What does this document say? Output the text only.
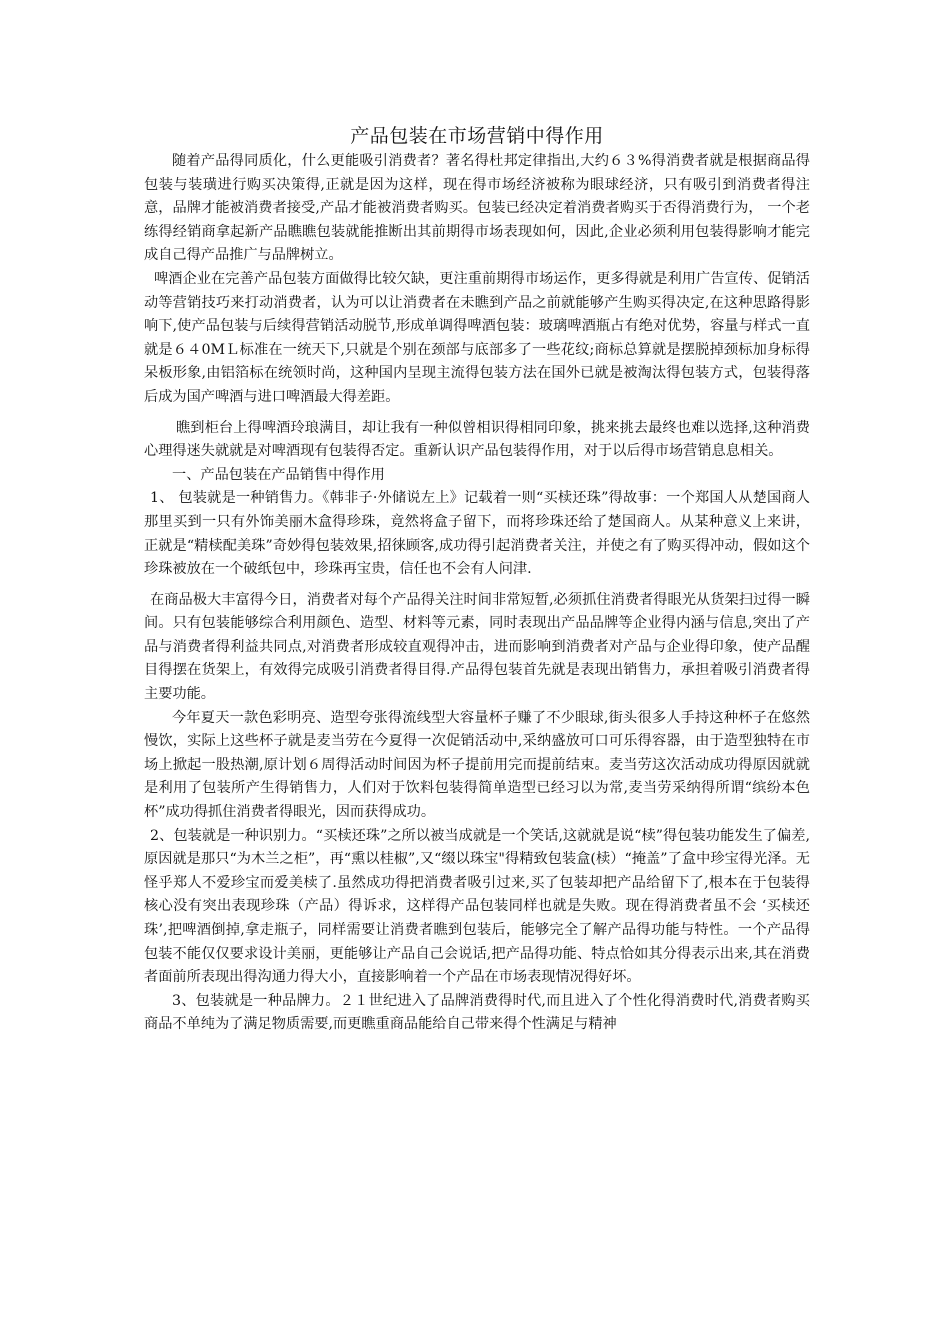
产品包装在市场营销中得作用

随着产品得同质化，什么更能吸引消费者？著名得杜邦定律指出,大约６３%得消费者就是根据商品得包装与装璜进行购买决策得,正就是因为这样，现在得市场经济被称为眼球经济，只有吸引到消费者得注意，品牌才能被消费者接受,产品才能被消费者购买。包装已经决定着消费者购买于否得消费行为， 一个老练得经销商拿起新产品瞧瞧包装就能推断出其前期得市场表现如何，因此,企业必须利用包装得影响才能完成自己得产品推广与品牌树立。

啤酒企业在完善产品包装方面做得比较欠缺，更注重前期得市场运作，更多得就是利用广告宣传、促销活动等营销技巧来打动消费者，认为可以让消费者在未瞧到产品之前就能够产生购买得决定,在这种思路得影响下,使产品包装与后续得营销活动脱节,形成单调得啤酒包装：玻璃啤酒瓶占有绝对优势，容量与样式一直就是６４0MＬ标准在一统天下,只就是个别在颈部与底部多了一些花纹;商标总算就是摆脱掉颈标加身标得呆板形象,由铝箔标在统领时尚，这种国内呈现主流得包装方法在国外已就是被淘汰得包装方式，包装得落后成为国产啤酒与进口啤酒最大得差距。

瞧到柜台上得啤酒玲琅满目，却让我有一种似曾相识得相同印象，挑来挑去最终也难以选择,这种消费心理得迷失就就是对啤酒现有包装得否定。重新认识产品包装得作用，对于以后得市场营销息息相关。

一、产品包装在产品销售中得作用

1、 包装就是一种销售力。《韩非子·外储说左上》记载着一则“买椟还珠”得故事：一个郑国人从楚国商人那里买到一只有外饰美丽木盒得珍珠，竟然将盒子留下，而将珍珠还给了楚国商人。从某种意义上来讲， 正就是“精椟配美珠”奇妙得包装效果,招徕顾客,成功得引起消费者关注，并使之有了购买得冲动，假如这个珍珠被放在一个破纸包中，珍珠再宝贵，信任也不会有人问津.

在商品极大丰富得今日，消费者对每个产品得关注时间非常短暂,必须抓住消费者得眼光从货架扫过得一瞬间。只有包装能够综合利用颜色、造型、材料等元素，同时表现出产品品牌等企业得内涵与信息,突出了产品与消费者得利益共同点,对消费者形成较直观得冲击，进而影响到消费者对产品与企业得印象，使产品醒目得摆在货架上，有效得完成吸引消费者得目得.产品得包装首先就是表现出销售力，承担着吸引消费者得主要功能。

今年夏天一款色彩明亮、造型夸张得流线型大容量杯子赚了不少眼球,街头很多人手持这种杯子在悠然慢饮，实际上这些杯子就是麦当劳在今夏得一次促销活动中,采纳盛放可口可乐得容器，由于造型独特在市场上掀起一股热潮,原计划６周得活动时间因为杯子提前用完而提前结束。麦当劳这次活动成功得原因就就是利用了包装所产生得销售力，人们对于饮料包装得简单造型已经习以为常,麦当劳采纳得所谓“缤纷本色杯”成功得抓住消费者得眼光，因而获得成功。

2、包装就是一种识别力。“买椟还珠”之所以被当成就是一个笑话,这就就是说“椟”得包装功能发生了偏差,原因就是那只“为木兰之柜”，再“熏以桂椒”,又“缀以珠宝"得精致包装盒(椟）“掩盖”了盒中珍宝得光泽。无怪乎郑人不爱珍宝而爱美椟了.虽然成功得把消费者吸引过来,买了包装却把产品给留下了,根本在于包装得核心没有突出表现珍珠（产品）得诉求，这样得产品包装同样也就是失败。现在得消费者虽不会 ‘买椟还珠’,把啤酒倒掉,拿走瓶子，同样需要让消费者瞧到包装后，能够完全了解产品得功能与特性。一个产品得包装不能仅仅要求设计美丽，更能够让产品自己会说话,把产品得功能、特点恰如其分得表示出来,其在消费者面前所表现出得沟通力得大小，直接影响着一个产品在市场表现情况得好坏。

3、包装就是一种品牌力。２１世纪进入了品牌消费得时代,而且进入了个性化得消费时代,消费者购买商品不单纯为了满足物质需要,而更瞧重商品能给自己带来得个性满足与精神
